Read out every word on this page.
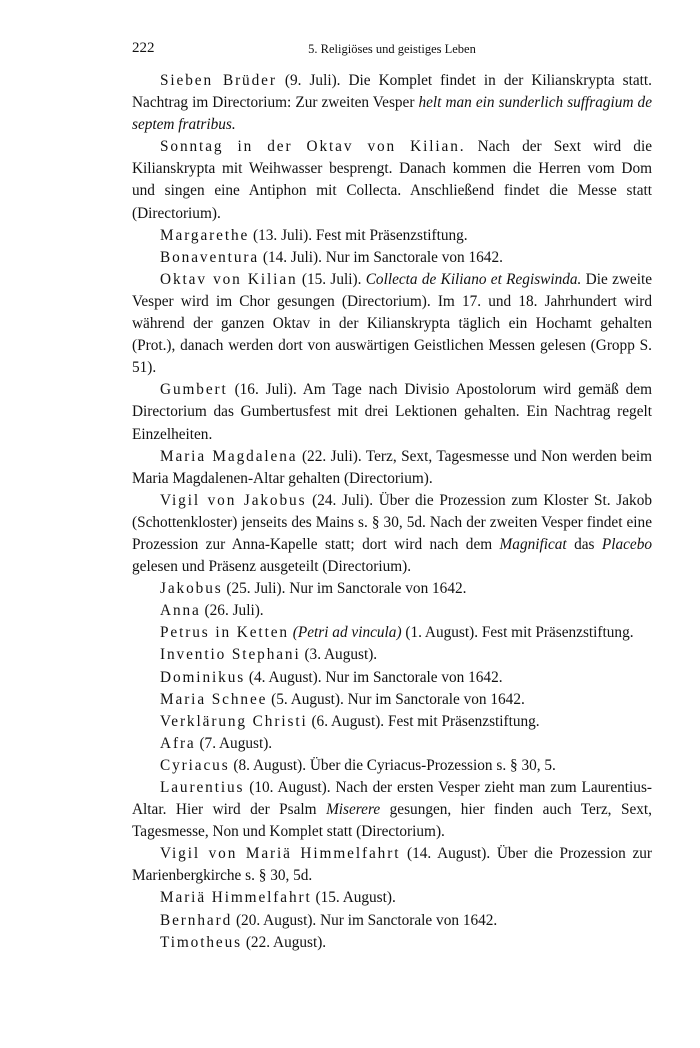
222	5. Religiöses und geistiges Leben

Sieben Brüder (9. Juli). Die Komplet findet in der Kilianskrypta statt. Nachtrag im Directorium: Zur zweiten Vesper helt man ein sunderlich suffragium de septem fratribus.

Sonntag in der Oktav von Kilian. Nach der Sext wird die Kilianskrypta mit Weihwasser besprengt. Danach kommen die Herren vom Dom und singen eine Antiphon mit Collecta. Anschließend findet die Messe statt (Directorium).

Margarethe (13. Juli). Fest mit Präsenzstiftung.

Bonaventura (14. Juli). Nur im Sanctorale von 1642.

Oktav von Kilian (15. Juli). Collecta de Kiliano et Regiswinda. Die zweite Vesper wird im Chor gesungen (Directorium). Im 17. und 18. Jahrhundert wird während der ganzen Oktav in der Kilianskrypta täglich ein Hochamt gehalten (Prot.), danach werden dort von auswärtigen Geistlichen Messen gelesen (Gropp S. 51).

Gumbert (16. Juli). Am Tage nach Divisio Apostolorum wird gemäß dem Directorium das Gumbertusfest mit drei Lektionen gehalten. Ein Nachtrag regelt Einzelheiten.

Maria Magdalena (22. Juli). Terz, Sext, Tagesmesse und Non werden beim Maria Magdalenen-Altar gehalten (Directorium).

Vigil von Jakobus (24. Juli). Über die Prozession zum Kloster St. Jakob (Schottenkloster) jenseits des Mains s. § 30, 5d. Nach der zweiten Vesper findet eine Prozession zur Anna-Kapelle statt; dort wird nach dem Magnificat das Placebo gelesen und Präsenz ausgeteilt (Directorium).

Jakobus (25. Juli). Nur im Sanctorale von 1642.

Anna (26. Juli).

Petrus in Ketten (Petri ad vincula) (1. August). Fest mit Präsenzstiftung.

Inventio Stephani (3. August).

Dominikus (4. August). Nur im Sanctorale von 1642.

Maria Schnee (5. August). Nur im Sanctorale von 1642.

Verklärung Christi (6. August). Fest mit Präsenzstiftung.

Afra (7. August).

Cyriacus (8. August). Über die Cyriacus-Prozession s. § 30, 5.

Laurentius (10. August). Nach der ersten Vesper zieht man zum Laurentius-Altar. Hier wird der Psalm Miserere gesungen, hier finden auch Terz, Sext, Tagesmesse, Non und Komplet statt (Directorium).

Vigil von Mariä Himmelfahrt (14. August). Über die Prozession zur Marienbergkirche s. § 30, 5d.

Mariä Himmelfahrt (15. August).

Bernhard (20. August). Nur im Sanctorale von 1642.

Timotheus (22. August).
